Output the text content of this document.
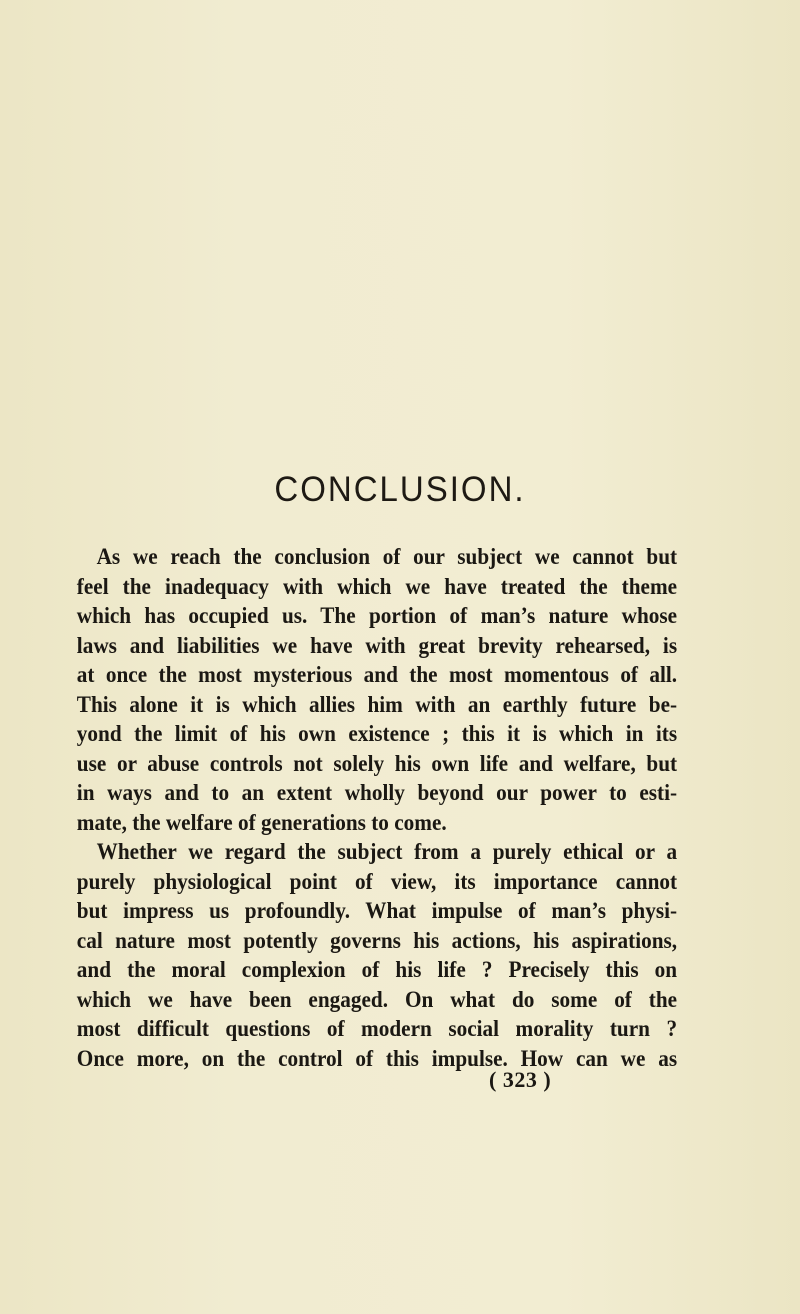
CONCLUSION.
As we reach the conclusion of our subject we cannot but
feel the inadequacy with which we have treated the theme
which has occupied us. The portion of man’s nature whose
laws and liabilities we have with great brevity rehearsed, is
at once the most mysterious and the most momentous of all.
This alone it is which allies him with an earthly future be-
yond the limit of his own existence ; this it is which in its
use or abuse controls not solely his own life and welfare, but
in ways and to an extent wholly beyond our power to esti-
mate, the welfare of generations to come.
Whether we regard the subject from a purely ethical or a
purely physiological point of view, its importance cannot
but impress us profoundly. What impulse of man’s physi-
cal nature most potently governs his actions, his aspirations,
and the moral complexion of his life ? Precisely this on
which we have been engaged. On what do some of the
most difficult questions of modern social morality turn ?
Once more, on the control of this impulse. How can we as
( 323 )
